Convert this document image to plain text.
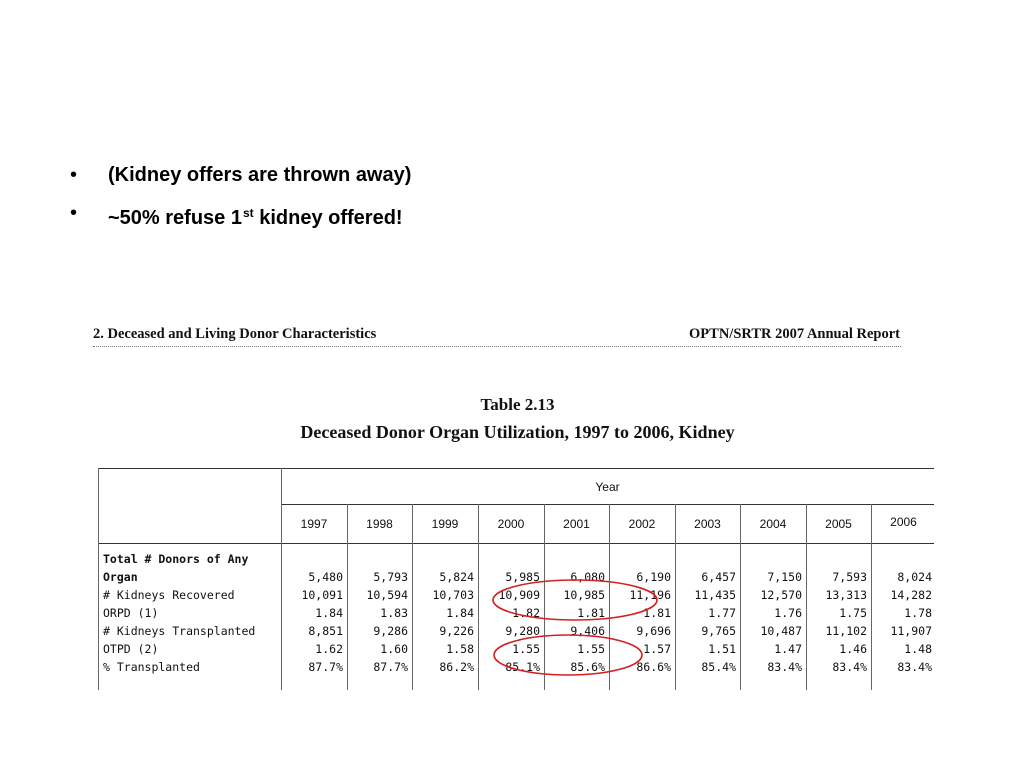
• (Kidney offers are thrown away)
• ~50% refuse 1st kidney offered!
2. Deceased and Living Donor Characteristics	OPTN/SRTR 2007 Annual Report
Table 2.13
Deceased Donor Organ Utilization, 1997 to 2006, Kidney
Year
1997	1998	1999	2000	2001	2002	2003	2004	2005	2006
Total # Donors of Any
Organ	5,480	5,793	5,824	5,985	6,080	6,190	6,457	7,150	7,593	8,024
# Kidneys Recovered	10,091	10,594	10,703	10,909	10,985	11,196	11,435	12,570	13,313	14,282
ORPD (1)	1.84	1.83	1.84	1.82	1.81	1.81	1.77	1.76	1.75	1.78
# Kidneys Transplanted	8,851	9,286	9,226	9,280	9,406	9,696	9,765	10,487	11,102	11,907
OTPD (2)	1.62	1.60	1.58	1.55	1.55	1.57	1.51	1.47	1.46	1.48
% Transplanted	87.7%	87.7%	86.2%	85.1%	85.6%	86.6%	85.4%	83.4%	83.4%	83.4%
